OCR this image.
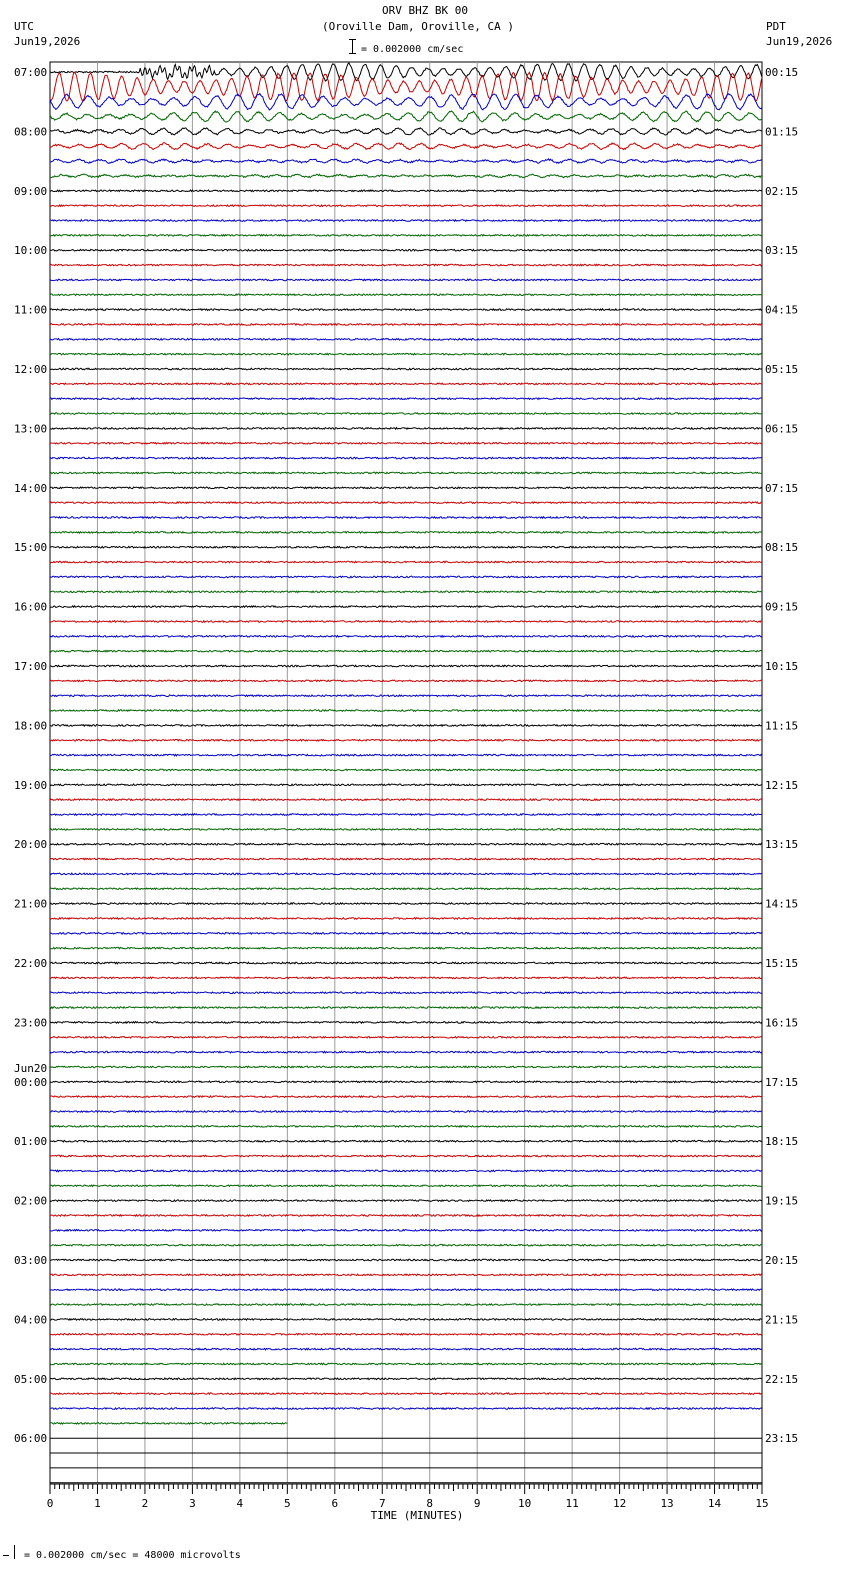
ORV BHZ BK 00
(Oroville Dam, Oroville, CA )
= 0.002000 cm/sec
UTC
Jun19,2026
PDT
Jun19,2026
0	1	2	3	4	5	6	7	8	9	10	11	12	13	14	15
TIME (MINUTES)
07:00
08:00
09:00
10:00
11:00
12:00
13:00
14:00
15:00
16:00
17:00
18:00
19:00
20:00
21:00
22:00
23:00
Jun20
00:00
01:00
02:00
03:00
04:00
05:00
06:00
00:15
01:15
02:15
03:15
04:15
05:15
06:15
07:15
08:15
09:15
10:15
11:15
12:15
13:15
14:15
15:15
16:15
17:15
18:15
19:15
20:15
21:15
22:15
23:15
= 0.002000 cm/sec = 48000 microvolts
